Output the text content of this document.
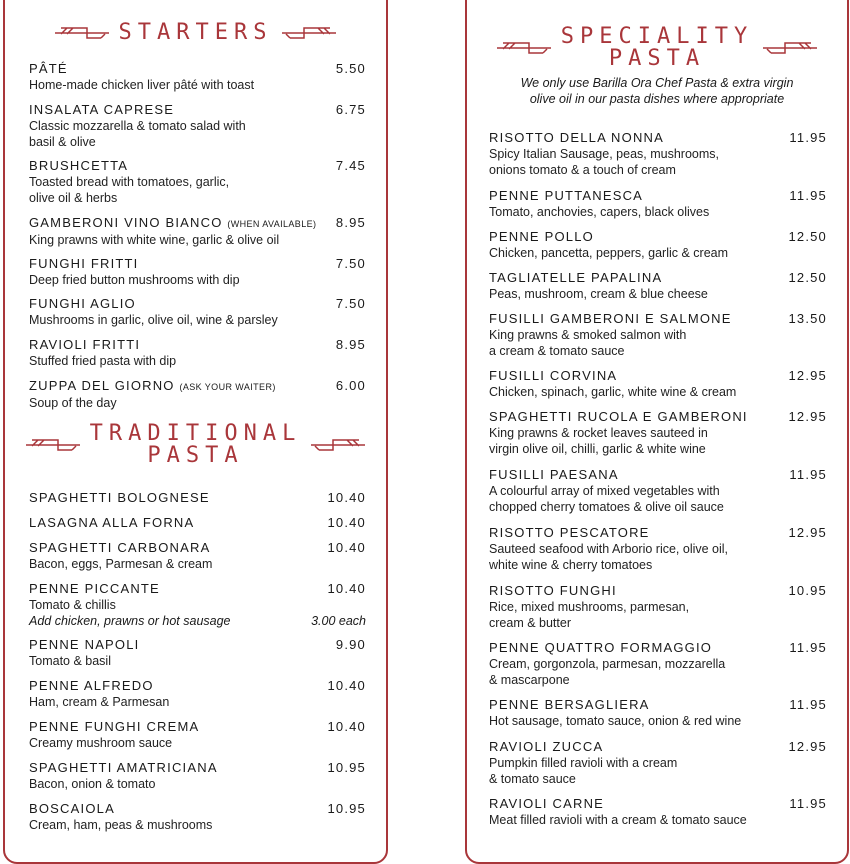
STARTERS
PÂTÉ	5.50
Home-made chicken liver pâté with toast
INSALATA CAPRESE	6.75
Classic mozzarella & tomato salad with
basil & olive
BRUSHCETTA	7.45
Toasted bread with tomatoes, garlic,
olive oil & herbs
GAMBERONI VINO BIANCO (WHEN AVAILABLE)	8.95
King prawns with white wine, garlic & olive oil
FUNGHI FRITTI	7.50
Deep fried button mushrooms with dip
FUNGHI AGLIO	7.50
Mushrooms in garlic, olive oil, wine & parsley
RAVIOLI FRITTI	8.95
Stuffed fried pasta with dip
ZUPPA DEL GIORNO (ASK YOUR WAITER)	6.00
Soup of the day
TRADITIONAL
PASTA
SPAGHETTI BOLOGNESE	10.40
LASAGNA ALLA FORNA	10.40
SPAGHETTI CARBONARA	10.40
Bacon, eggs, Parmesan & cream
PENNE PICCANTE	10.40
Tomato & chillis
Add chicken, prawns or hot sausage	3.00 each
PENNE NAPOLI	9.90
Tomato & basil
PENNE ALFREDO	10.40
Ham, cream & Parmesan
PENNE FUNGHI CREMA	10.40
Creamy mushroom sauce
SPAGHETTI AMATRICIANA	10.95
Bacon, onion & tomato
BOSCAIOLA	10.95
Cream, ham, peas & mushrooms
SPECIALITY
PASTA
We only use Barilla Ora Chef Pasta & extra virgin
olive oil in our pasta dishes where appropriate
RISOTTO DELLA NONNA	11.95
Spicy Italian Sausage, peas, mushrooms,
onions tomato & a touch of cream
PENNE PUTTANESCA	11.95
Tomato, anchovies, capers, black olives
PENNE POLLO	12.50
Chicken, pancetta, peppers, garlic & cream
TAGLIATELLE PAPALINA	12.50
Peas, mushroom, cream & blue cheese
FUSILLI GAMBERONI E SALMONE	13.50
King prawns & smoked salmon with
a cream & tomato sauce
FUSILLI CORVINA	12.95
Chicken, spinach, garlic, white wine & cream
SPAGHETTI RUCOLA E GAMBERONI	12.95
King prawns & rocket leaves sauteed in
virgin olive oil, chilli, garlic & white wine
FUSILLI PAESANA	11.95
A colourful array of mixed vegetables with
chopped cherry tomatoes & olive oil sauce
RISOTTO PESCATORE	12.95
Sauteed seafood with Arborio rice, olive oil,
white wine & cherry tomatoes
RISOTTO FUNGHI	10.95
Rice, mixed mushrooms, parmesan,
cream & butter
PENNE QUATTRO FORMAGGIO	11.95
Cream, gorgonzola, parmesan, mozzarella
& mascarpone
PENNE BERSAGLIERA	11.95
Hot sausage, tomato sauce, onion & red wine
RAVIOLI ZUCCA	12.95
Pumpkin filled ravioli with a cream
& tomato sauce
RAVIOLI CARNE	11.95
Meat filled ravioli with a cream & tomato sauce
